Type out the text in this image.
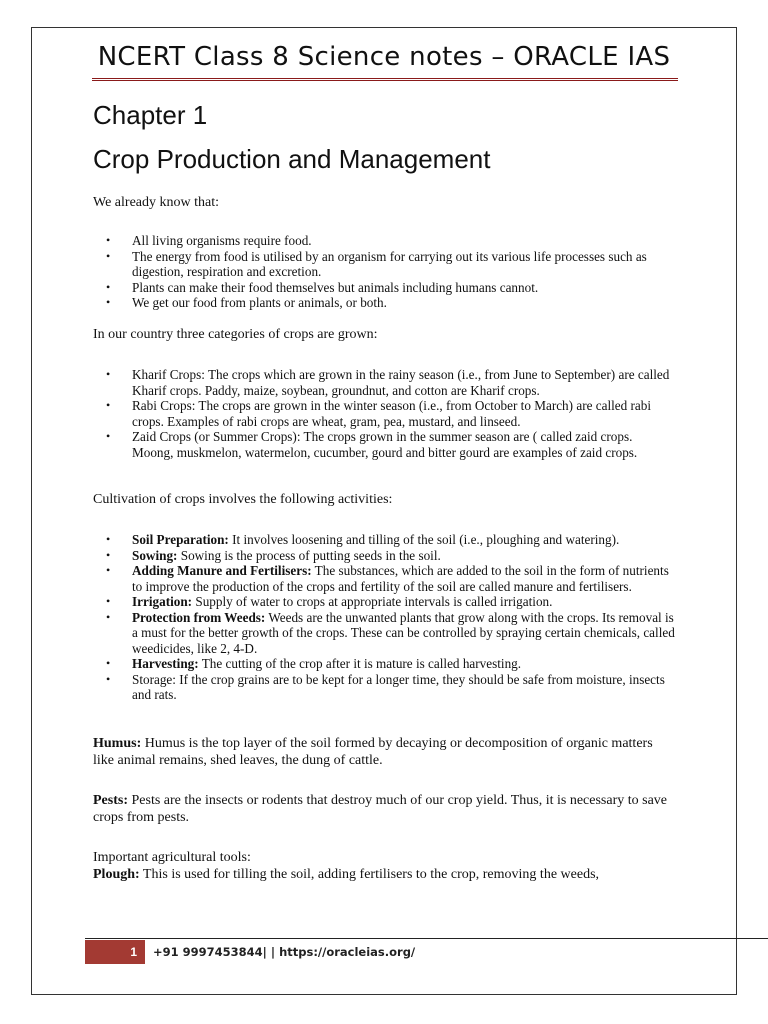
NCERT Class 8 Science notes – ORACLE IAS
Chapter 1
Crop Production and Management

We already know that:

• All living organisms require food.
• The energy from food is utilised by an organism for carrying out its various life processes such as digestion, respiration and excretion.
• Plants can make their food themselves but animals including humans cannot.
• We get our food from plants or animals, or both.

In our country three categories of crops are grown:

• Kharif Crops: The crops which are grown in the rainy season (i.e., from June to September) are called Kharif crops. Paddy, maize, soybean, groundnut, and cotton are Kharif crops.
• Rabi Crops: The crops are grown in the winter season (i.e., from October to March) are called rabi crops. Examples of rabi crops are wheat, gram, pea, mustard, and linseed.
• Zaid Crops (or Summer Crops): The crops grown in the summer season are ( called zaid crops. Moong, muskmelon, watermelon, cucumber, gourd and bitter gourd are examples of zaid crops.

Cultivation of crops involves the following activities:

• Soil Preparation: It involves loosening and tilling of the soil (i.e., ploughing and watering).
• Sowing: Sowing is the process of putting seeds in the soil.
• Adding Manure and Fertilisers: The substances, which are added to the soil in the form of nutrients to improve the production of the crops and fertility of the soil are called manure and fertilisers.
• Irrigation: Supply of water to crops at appropriate intervals is called irrigation.
• Protection from Weeds: Weeds are the unwanted plants that grow along with the crops. Its removal is a must for the better growth of the crops. These can be controlled by spraying certain chemicals, called weedicides, like 2, 4-D.
• Harvesting: The cutting of the crop after it is mature is called harvesting.
• Storage: If the crop grains are to be kept for a longer time, they should be safe from moisture, insects and rats.

Humus: Humus is the top layer of the soil formed by decaying or decomposition of organic matters like animal remains, shed leaves, the dung of cattle.

Pests: Pests are the insects or rodents that destroy much of our crop yield. Thus, it is necessary to save crops from pests.

Important agricultural tools:

Plough: This is used for tilling the soil, adding fertilisers to the crop, removing the weeds,

1	+91 9997453844| | https://oracleias.org/
